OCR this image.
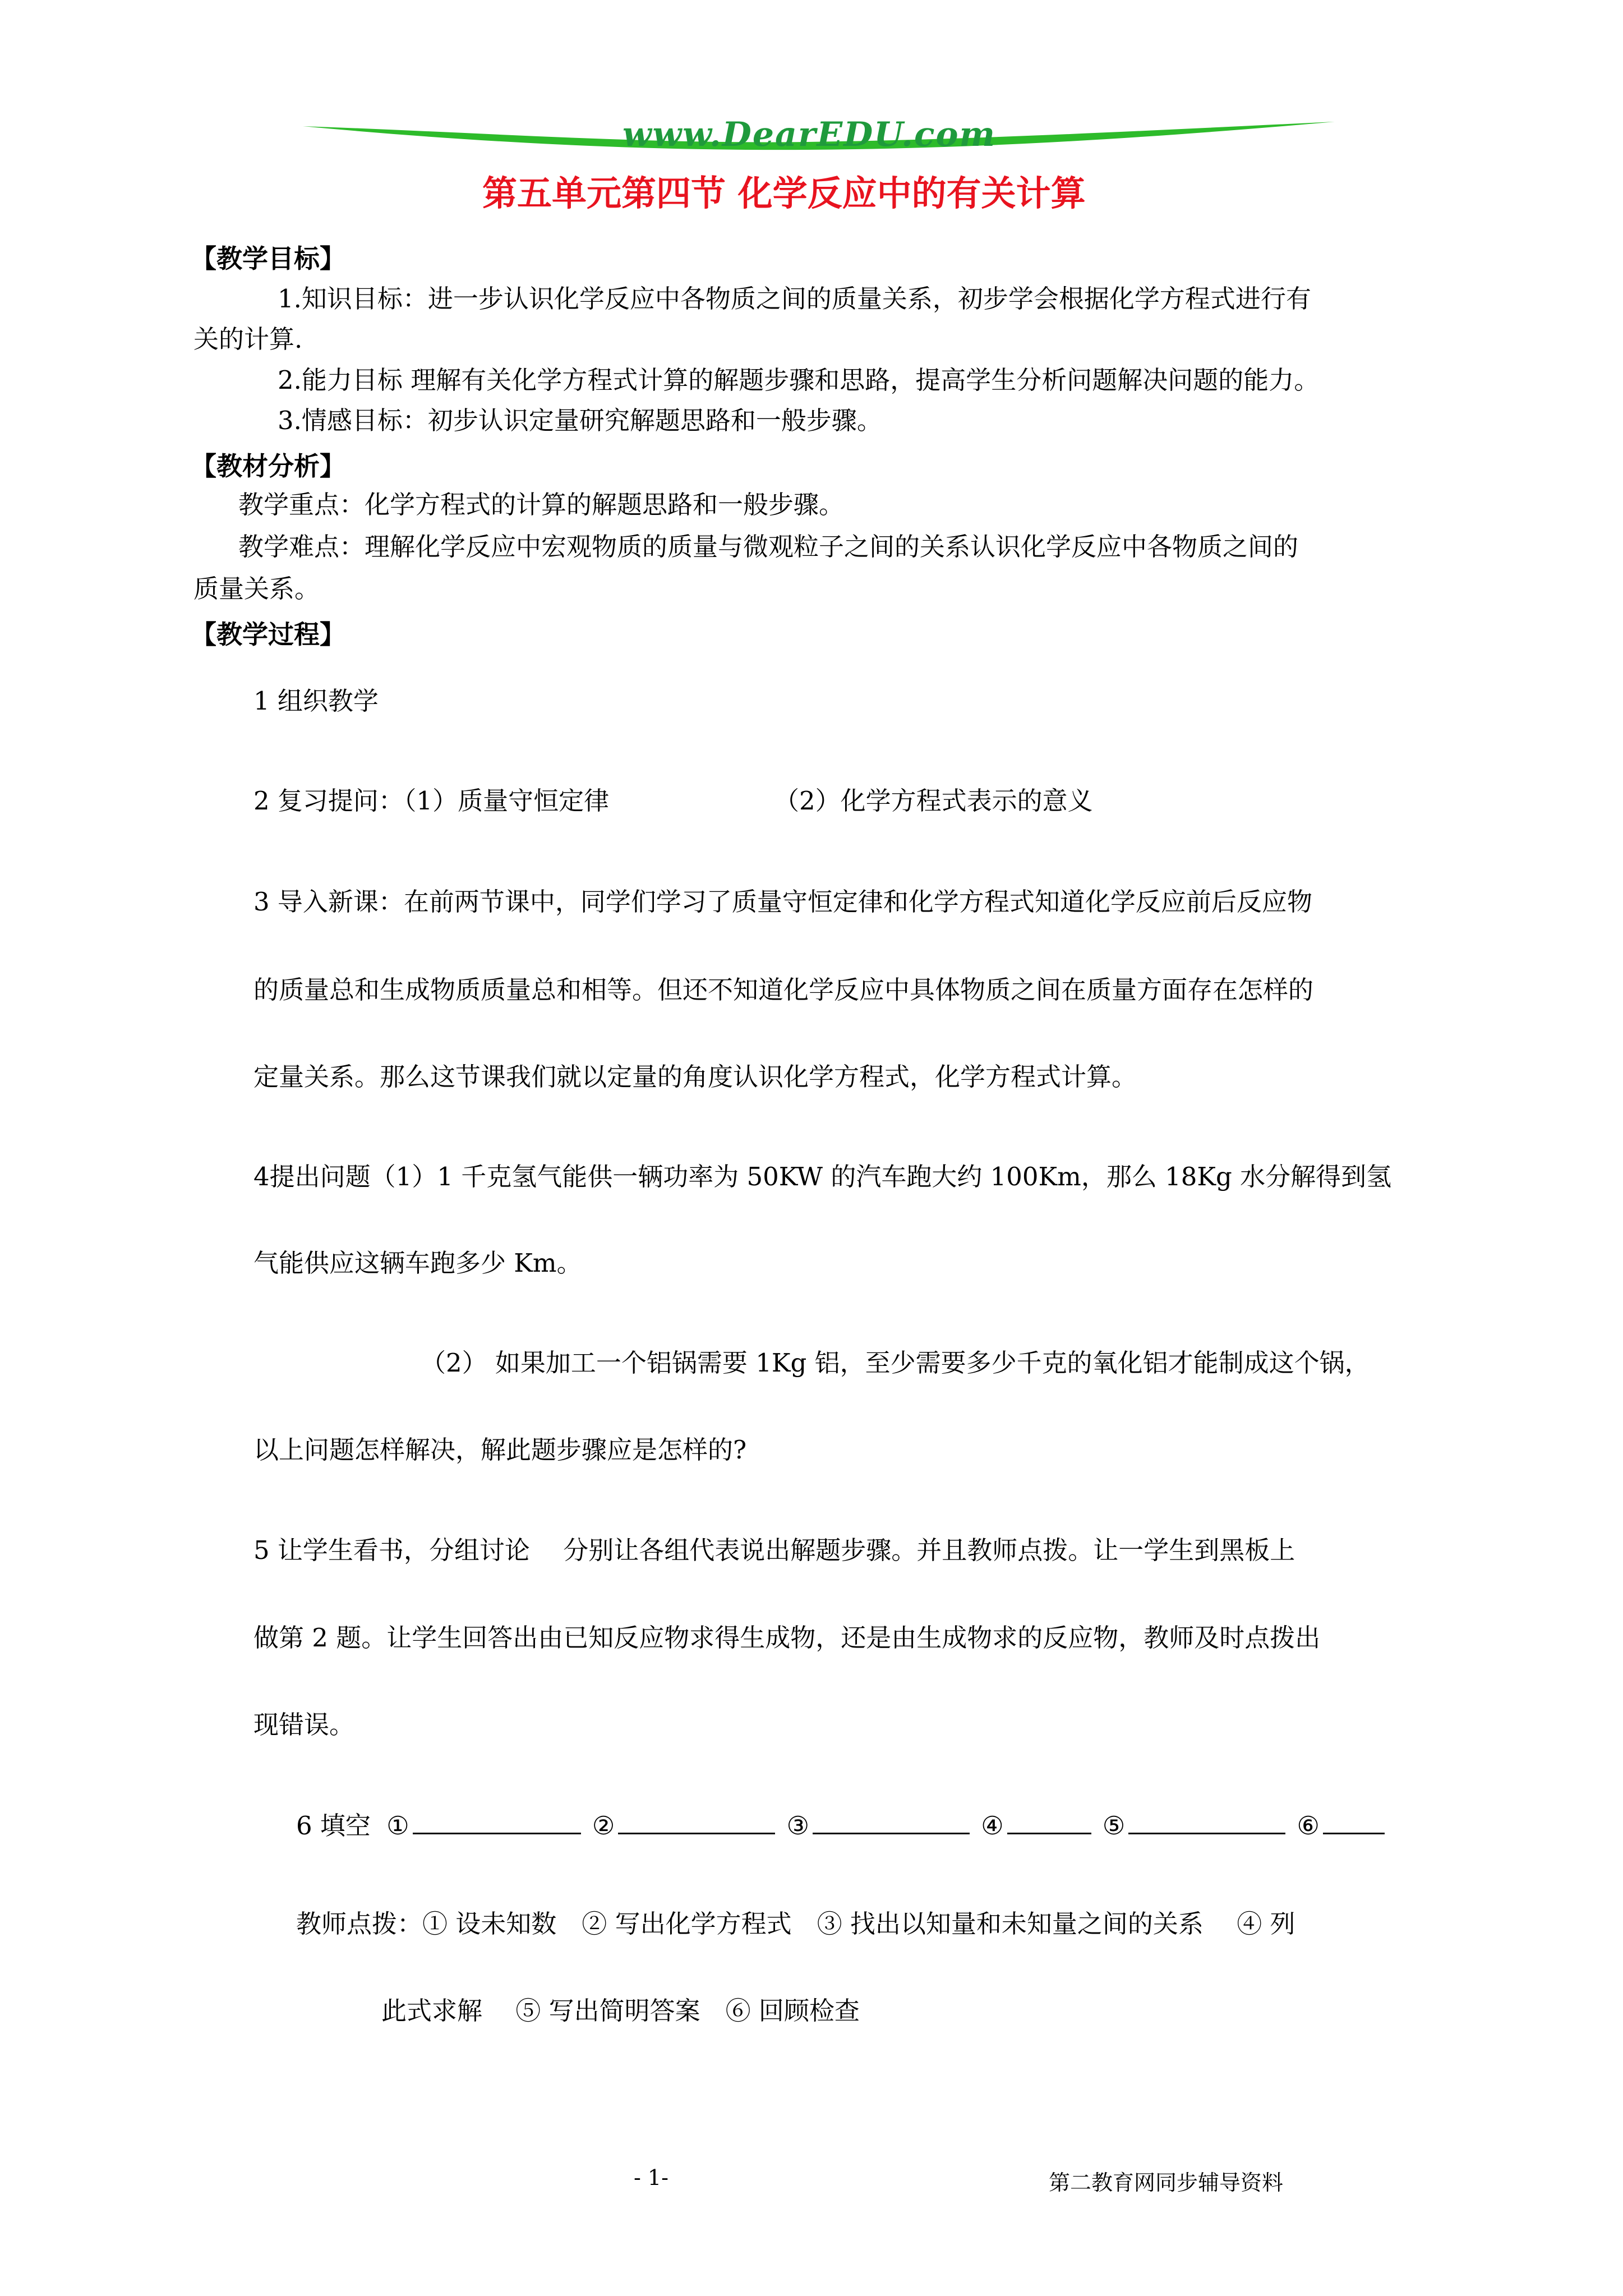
www.DearEDU.com
第五单元第四节 化学反应中的有关计算
【教学目标】
1.知识目标：进一步认识化学反应中各物质之间的质量关系，初步学会根据化学方程式进行有
关的计算.
2.能力目标 理解有关化学方程式计算的解题步骤和思路，提高学生分析问题解决问题的能力。
3.情感目标：初步认识定量研究解题思路和一般步骤。
【教材分析】
教学重点：化学方程式的计算的解题思路和一般步骤。
教学难点：理解化学反应中宏观物质的质量与微观粒子之间的关系认识化学反应中各物质之间的
质量关系。
【教学过程】
1 组织教学
2 复习提问：（1）质量守恒定律	（2）化学方程式表示的意义
3 导入新课：在前两节课中，同学们学习了质量守恒定律和化学方程式知道化学反应前后反应物
的质量总和生成物质质量总和相等。但还不知道化学反应中具体物质之间在质量方面存在怎样的
定量关系。那么这节课我们就以定量的角度认识化学方程式，化学方程式计算。
4提出问题（1）1 千克氢气能供一辆功率为 50KW 的汽车跑大约 100Km，那么 18Kg 水分解得到氢
气能供应这辆车跑多少 Km。
（2） 如果加工一个铝锅需要 1Kg 铝，至少需要多少千克的氧化铝才能制成这个锅，
以上问题怎样解决，解此题步骤应是怎样的?
5 让学生看书，分组讨论　 分别让各组代表说出解题步骤。并且教师点拨。让一学生到黑板上
做第 2 题。让学生回答出由已知反应物求得生成物，还是由生成物求的反应物，教师及时点拨出
现错误。
6 填空 ①	②	③	④	⑤	⑥
教师点拨：① 设未知数　② 写出化学方程式　③ 找出以知量和未知量之间的关系　 ④ 列
此式求解　 ⑤ 写出简明答案　⑥ 回顾检查
- 1-	第二教育网同步辅导资料
